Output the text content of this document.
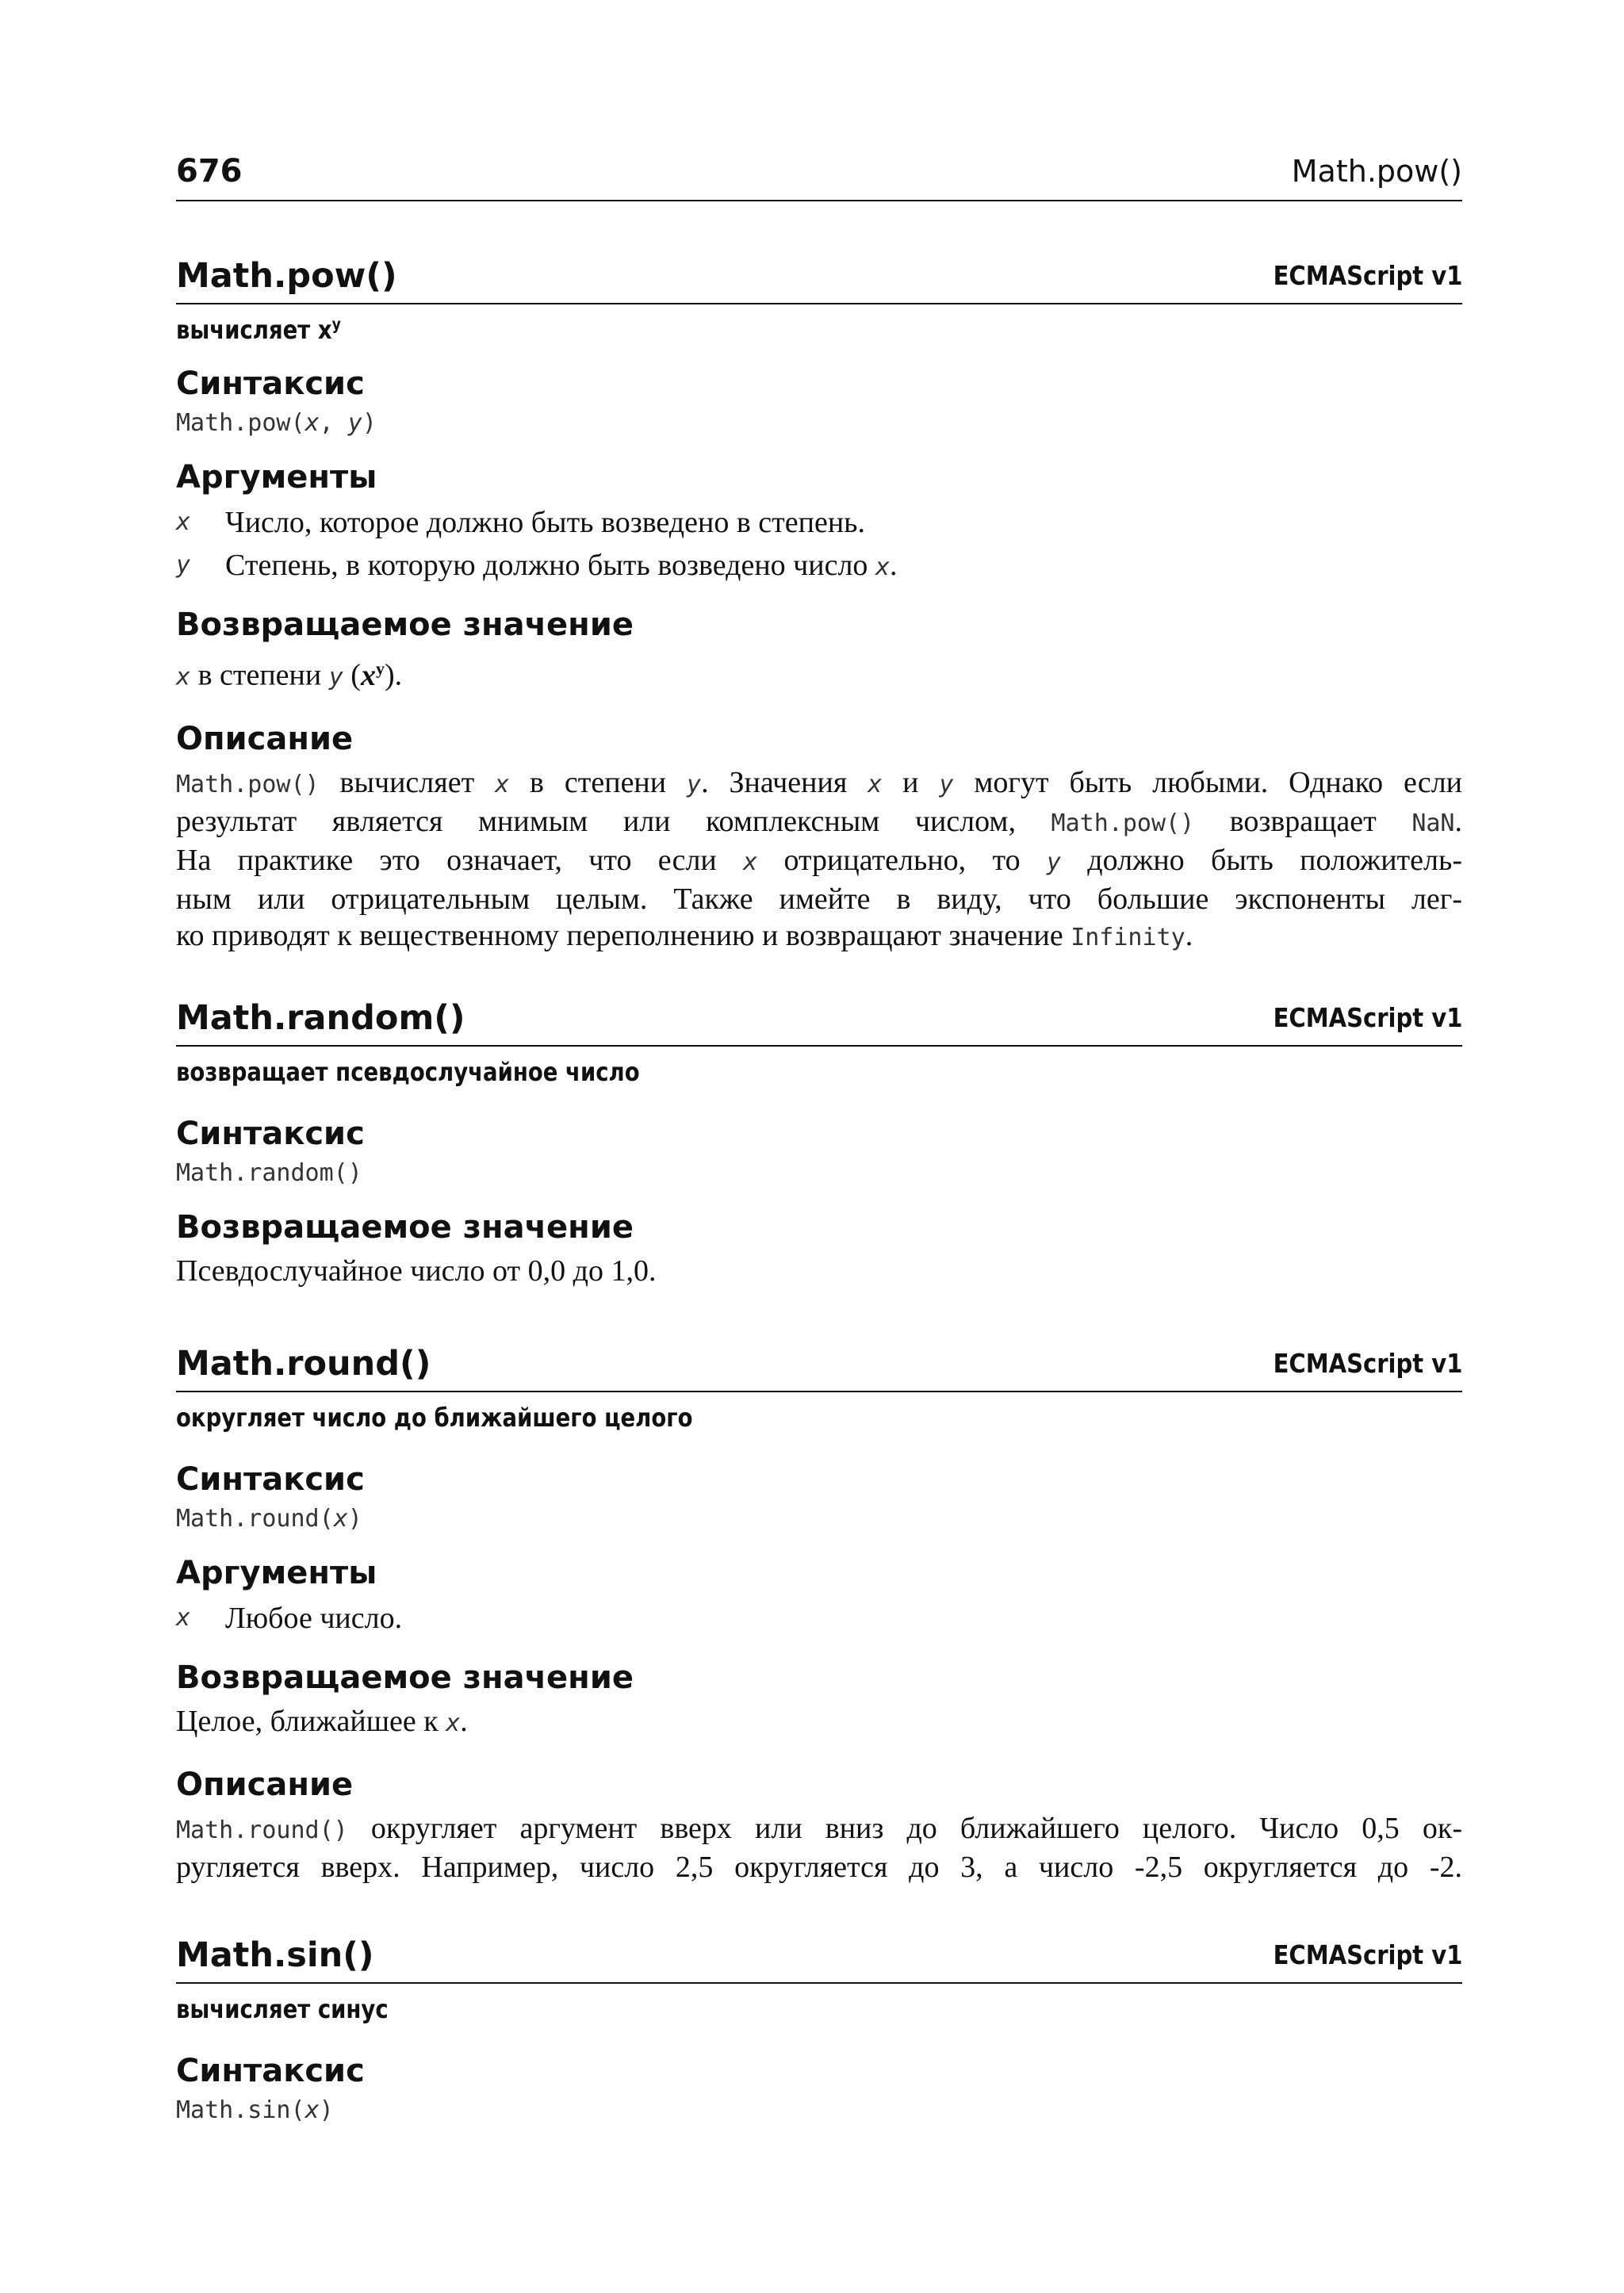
676	Math.pow()
Math.pow()	ECMAScript v1
вычисляет $x^y$
Синтаксис
Math.pow(x, y)
Аргументы
x Число, которое должно быть возведено в степень.
y Степень, в которую должно быть возведено число x.
Возвращаемое значение
x в степени y $(x^y)$.
Описание
Math.pow() вычисляет x в степени y. Значения x и y могут быть любыми. Однако если
результат является мнимым или комплексным числом, Math.pow() возвращает NaN.
На практике это означает, что если x отрицательно, то y должно быть положитель-
ным или отрицательным целым. Также имейте в виду, что большие экспоненты лег-
ко приводят к вещественному переполнению и возвращают значение Infinity.
Math.random()	ECMAScript v1
возвращает псевдослучайное число
Синтаксис
Math.random()
Возвращаемое значение
Псевдослучайное число от 0,0 до 1,0.
Math.round()	ECMAScript v1
округляет число до ближайшего целого
Синтаксис
Math.round(x)
Аргументы
x Любое число.
Возвращаемое значение
Целое, ближайшее к x.
Описание
Math.round() округляет аргумент вверх или вниз до ближайшего целого. Число 0,5 ок-
ругляется вверх. Например, число 2,5 округляется до 3, а число -2,5 округляется до -2.
Math.sin()	ECMAScript v1
вычисляет синус
Синтаксис
Math.sin(x)
